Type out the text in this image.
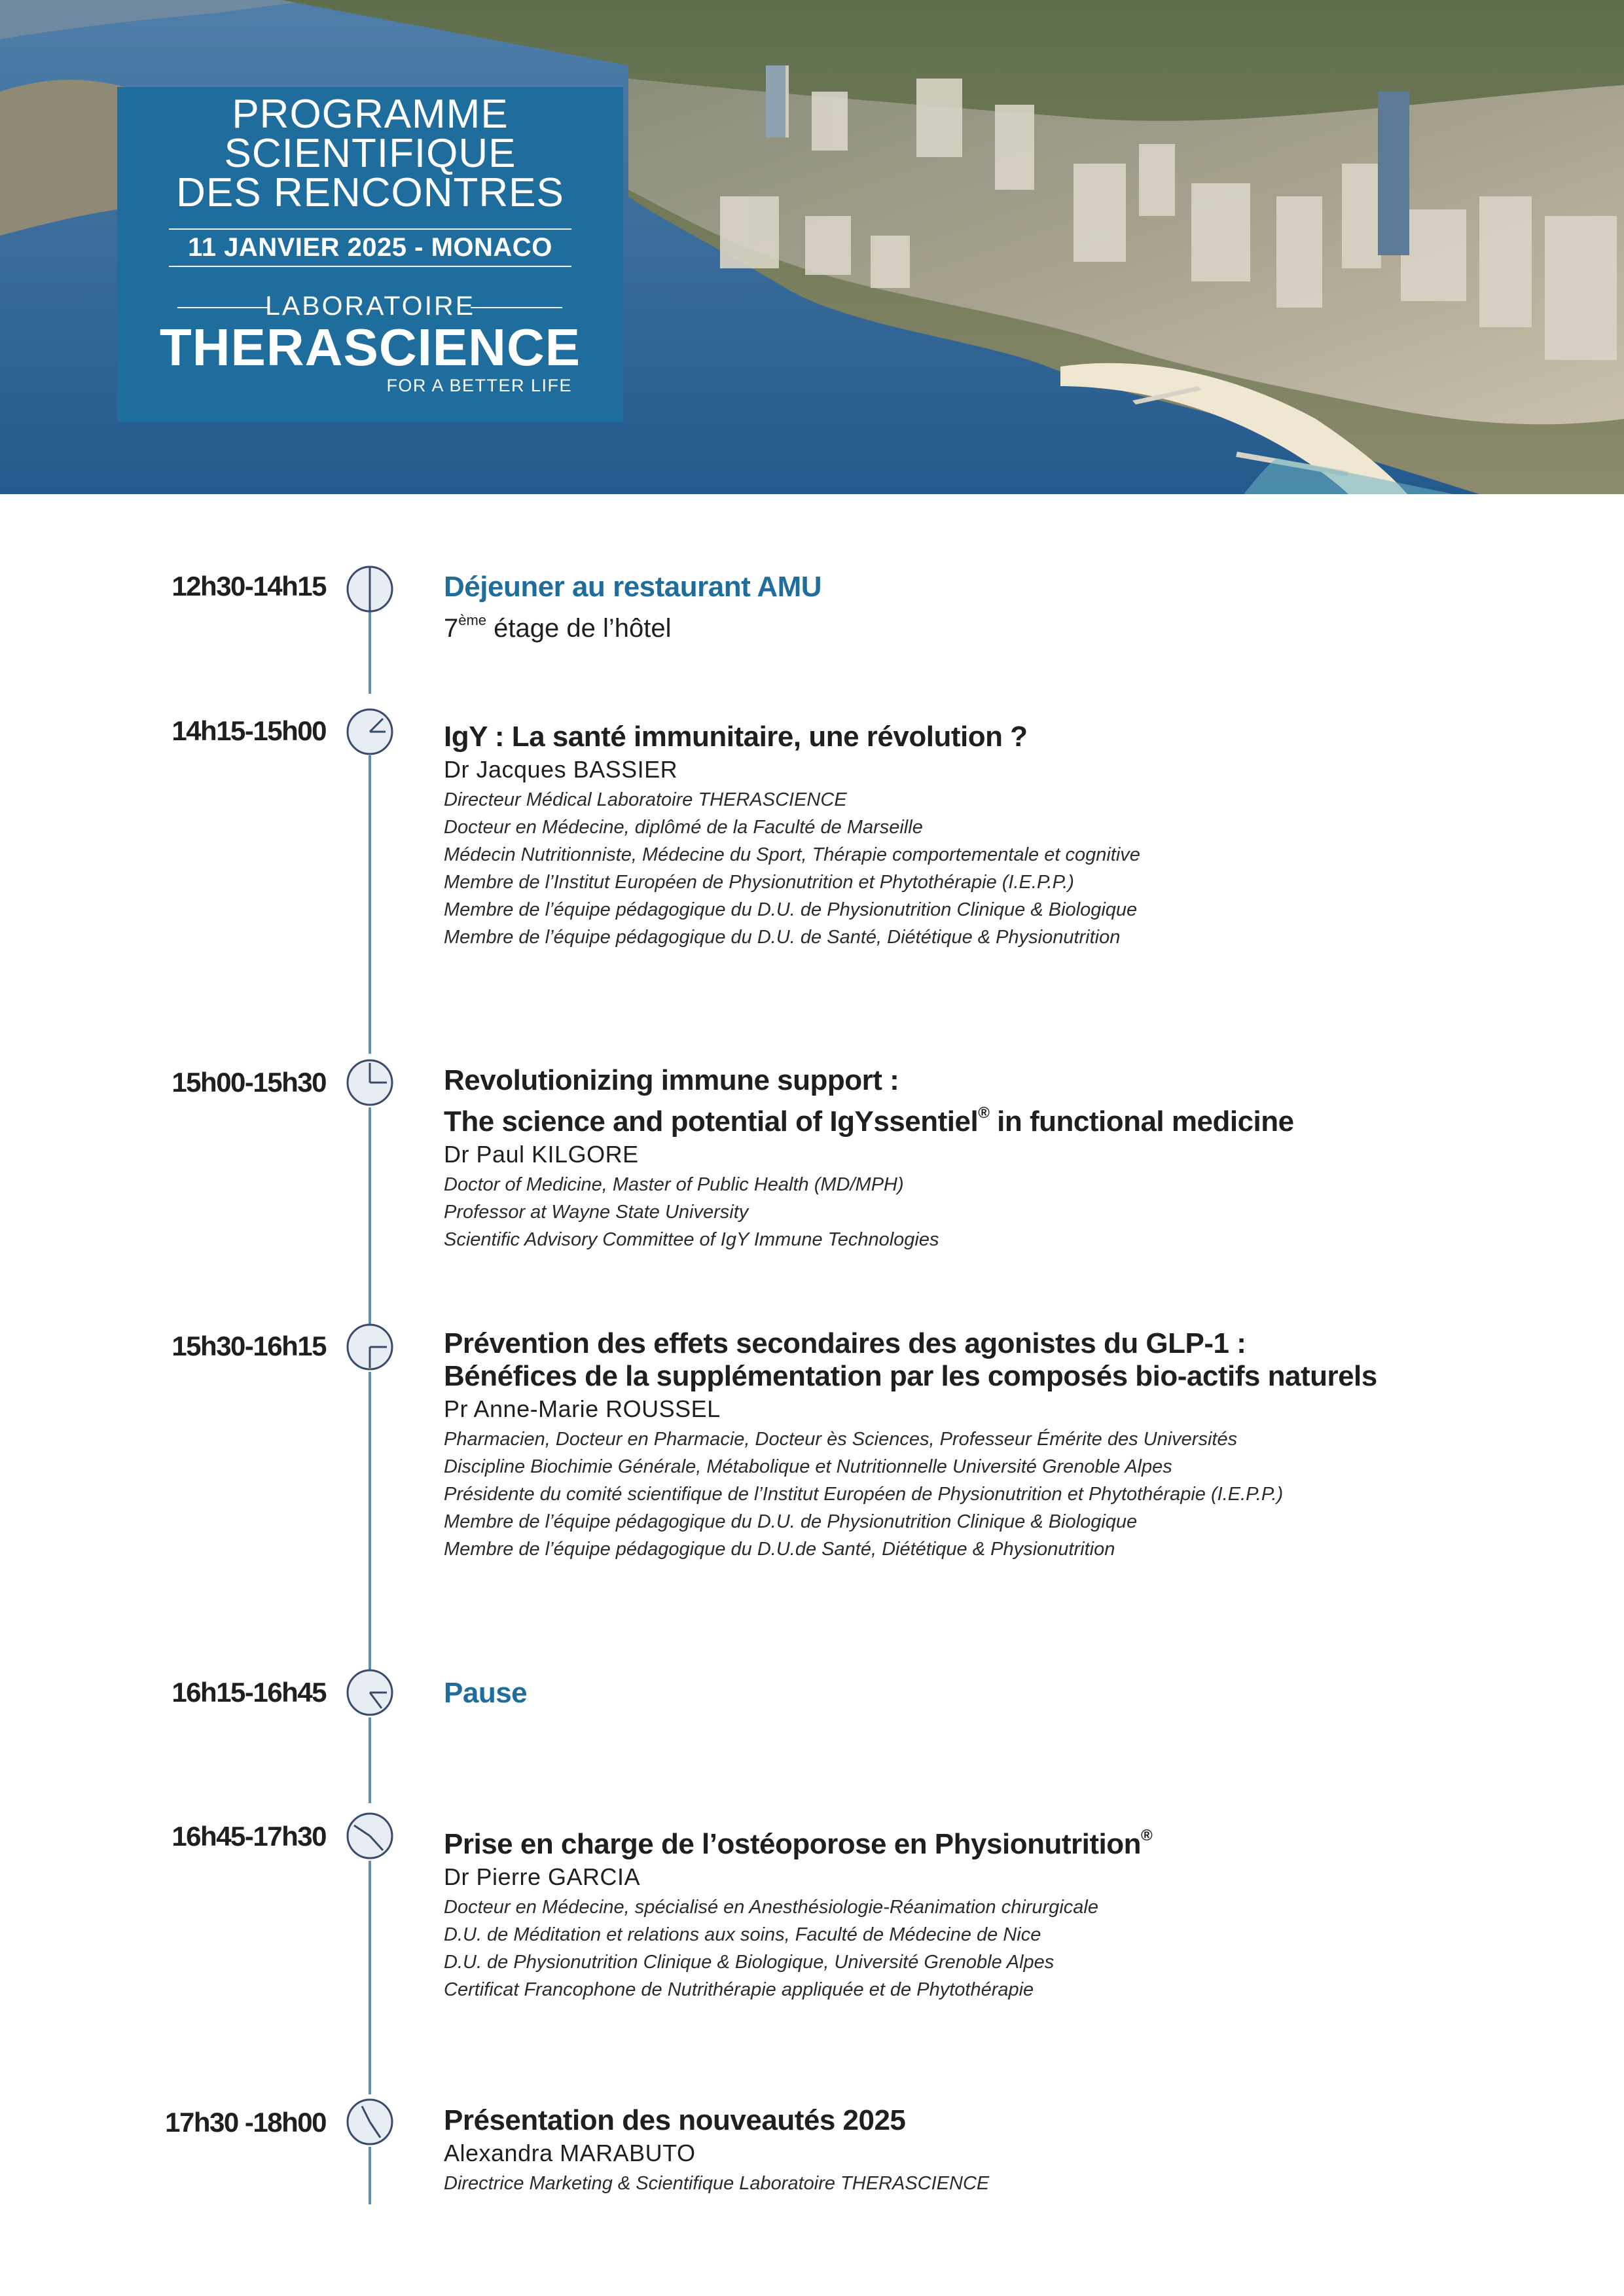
PROGRAMME
SCIENTIFIQUE
DES RENCONTRES
11 JANVIER 2025 - MONACO
LABORATOIRE
THERASCIENCE
FOR A BETTER LIFE
12h30-14h15	Déjeuner au restaurant AMU
7ème étage de l’hôtel
14h15-15h00	IgY : La santé immunitaire, une révolution ?
Dr Jacques BASSIER
Directeur Médical Laboratoire THERASCIENCE
Docteur en Médecine, diplômé de la Faculté de Marseille
Médecin Nutritionniste, Médecine du Sport, Thérapie comportementale et cognitive
Membre de l’Institut Européen de Physionutrition et Phytothérapie (I.E.P.P.)
Membre de l’équipe pédagogique du D.U. de Physionutrition Clinique & Biologique
Membre de l’équipe pédagogique du D.U. de Santé, Diététique & Physionutrition
15h00-15h30	Revolutionizing immune support :
The science and potential of IgYssentiel® in functional medicine
Dr Paul KILGORE
Doctor of Medicine, Master of Public Health (MD/MPH)
Professor at Wayne State University
Scientific Advisory Committee of IgY Immune Technologies
15h30-16h15	Prévention des effets secondaires des agonistes du GLP-1 :
Bénéfices de la supplémentation par les composés bio-actifs naturels
Pr Anne-Marie ROUSSEL
Pharmacien, Docteur en Pharmacie, Docteur ès Sciences, Professeur Émérite des Universités
Discipline Biochimie Générale, Métabolique et Nutritionnelle Université Grenoble Alpes
Présidente du comité scientifique de l’Institut Européen de Physionutrition et Phytothérapie (I.E.P.P.)
Membre de l’équipe pédagogique du D.U. de Physionutrition Clinique & Biologique
Membre de l’équipe pédagogique du D.U.de Santé, Diététique & Physionutrition
16h15-16h45	Pause
16h45-17h30	Prise en charge de l’ostéoporose en Physionutrition®
Dr Pierre GARCIA
Docteur en Médecine, spécialisé en Anesthésiologie-Réanimation chirurgicale
D.U. de Méditation et relations aux soins, Faculté de Médecine de Nice
D.U. de Physionutrition Clinique & Biologique, Université Grenoble Alpes
Certificat Francophone de Nutrithérapie appliquée et de Phytothérapie
17h30 -18h00	Présentation des nouveautés 2025
Alexandra MARABUTO
Directrice Marketing & Scientifique Laboratoire THERASCIENCE
